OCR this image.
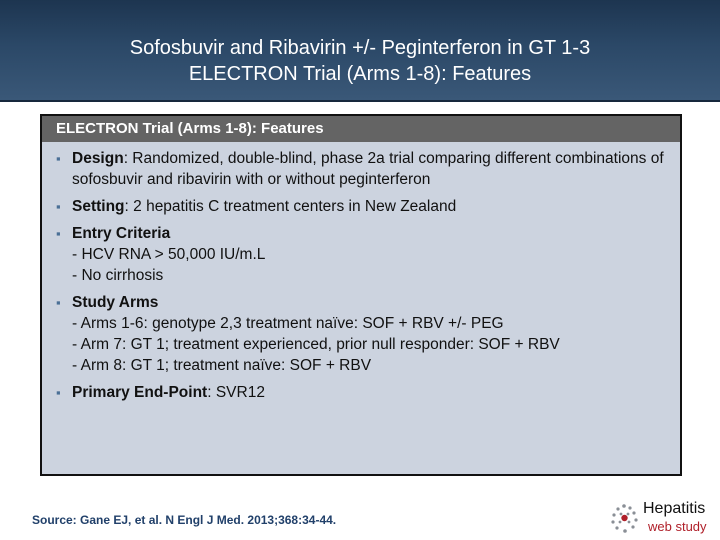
Sofosbuvir and Ribavirin +/- Peginterferon in GT 1-3
ELECTRON Trial (Arms 1-8): Features
ELECTRON Trial (Arms 1-8): Features
▪ Design: Randomized, double-blind, phase 2a trial comparing different combinations of sofosbuvir and ribavirin with or without peginterferon
▪ Setting: 2 hepatitis C treatment centers in New Zealand
▪ Entry Criteria
- HCV RNA > 50,000 IU/m.L
- No cirrhosis
▪ Study Arms
- Arms 1-6: genotype 2,3 treatment naïve: SOF + RBV +/- PEG
- Arm 7: GT 1; treatment experienced, prior null responder: SOF + RBV
- Arm 8: GT 1; treatment naïve: SOF + RBV
▪ Primary End-Point: SVR12
Source: Gane EJ, et al. N Engl J Med. 2013;368:34-44.
Hepatitis
web study
